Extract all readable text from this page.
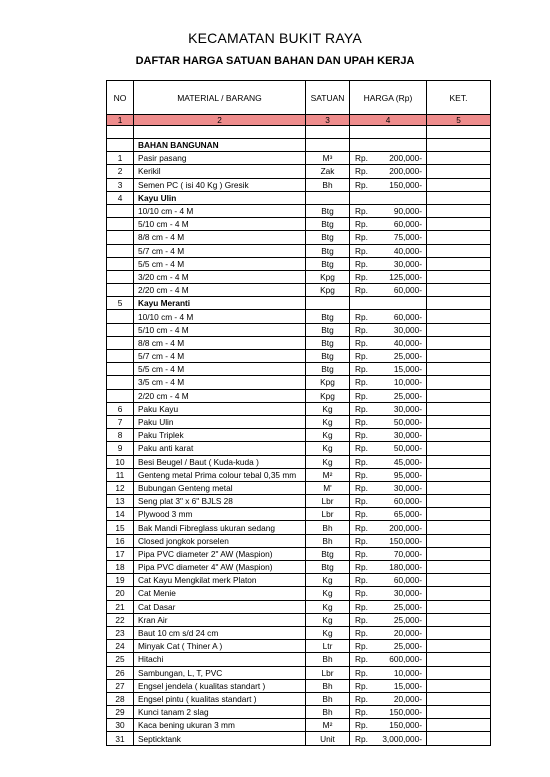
KECAMATAN BUKIT RAYA
DAFTAR HARGA SATUAN BAHAN DAN UPAH KERJA
NO	MATERIAL / BARANG	SATUAN	HARGA (Rp)	KET.
1	2	3	4	5

	BAHAN BANGUNAN		

1	Pasir pasang	M³	Rp. 200,000-	

2	Kerikil	Zak	Rp. 200,000-	

3	Semen PC ( isi 40 Kg ) Gresik	Bh	Rp. 150,000-	

4	Kayu Ulin		

	10/10 cm - 4 M	Btg	Rp. 90,000-	

	5/10 cm - 4 M	Btg	Rp. 60,000-	

	8/8 cm - 4 M	Btg	Rp. 75,000-	

	5/7 cm - 4 M	Btg	Rp. 40,000-	

	5/5 cm - 4 M	Btg	Rp. 30,000-	

	3/20 cm - 4 M	Kpg	Rp. 125,000-	

	2/20 cm - 4 M	Kpg	Rp. 60,000-	

5	Kayu Meranti		

	10/10 cm - 4 M	Btg	Rp. 60,000-	

	5/10 cm - 4 M	Btg	Rp. 30,000-	

	8/8 cm - 4 M	Btg	Rp. 40,000-	

	5/7 cm - 4 M	Btg	Rp. 25,000-	

	5/5 cm - 4 M	Btg	Rp. 15,000-	

	3/5 cm - 4 M	Kpg	Rp. 10,000-	

	2/20 cm - 4 M	Kpg	Rp. 25,000-	

6	Paku Kayu	Kg	Rp. 30,000-	

7	Paku Ulin	Kg	Rp. 50,000-	

8	Paku Triplek	Kg	Rp. 30,000-	

9	Paku anti karat	Kg	Rp. 50,000-	

10	Besi Beugel / Baut ( Kuda-kuda )	Kg	Rp. 45,000-	

11	Genteng metal Prima colour tebal 0,35 mm	M²	Rp. 95,000-	

12	Bubungan Genteng metal	M'	Rp. 30,000-	

13	Seng plat 3" x 6" BJLS 28	Lbr	Rp. 60,000-	

14	Plywood 3 mm	Lbr	Rp. 65,000-	

15	Bak Mandi Fibreglass ukuran sedang	Bh	Rp. 200,000-	

16	Closed jongkok porselen	Bh	Rp. 150,000-	

17	Pipa PVC diameter 2" AW (Maspion)	Btg	Rp. 70,000-	

18	Pipa PVC diameter 4" AW (Maspion)	Btg	Rp. 180,000-	

19	Cat Kayu Mengkilat merk Platon	Kg	Rp. 60,000-	

20	Cat Menie	Kg	Rp. 30,000-	

21	Cat Dasar	Kg	Rp. 25,000-	

22	Kran Air	Kg	Rp. 25,000-	

23	Baut 10 cm s/d 24 cm	Kg	Rp. 20,000-	

24	Minyak Cat ( Thiner A )	Ltr	Rp. 25,000-	

25	Hitachi	Bh	Rp. 600,000-	

26	Sambungan, L, T, PVC	Lbr	Rp. 10,000-	

27	Engsel jendela ( kualitas standart )	Bh	Rp. 15,000-	

28	Engsel pintu ( kualitas standart )	Bh	Rp. 20,000-	

29	Kunci tanam 2 slag	Bh	Rp. 150,000-	

30	Kaca bening ukuran 3 mm	M²	Rp. 150,000-	

31	Septicktank	Unit	Rp. 3,000,000-	
